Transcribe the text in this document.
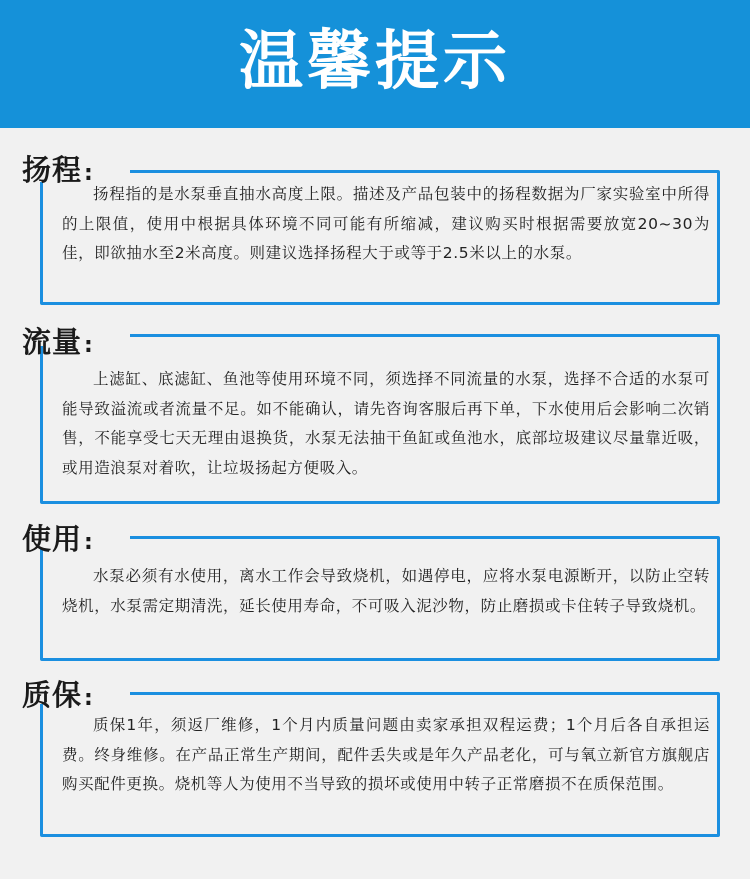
温馨提示
扬程:

扬程指的是水泵垂直抽水高度上限。描述及产品包装中的扬程数据为厂家实验室中所得的上限值，使用中根据具体环境不同可能有所缩减，建议购买时根据需要放宽20~30为佳，即欲抽水至2米高度。则建议选择扬程大于或等于2.5米以上的水泵。

流量:

上滤缸、底滤缸、鱼池等使用环境不同，须选择不同流量的水泵，选择不合适的水泵可能导致溢流或者流量不足。如不能确认，请先咨询客服后再下单，下水使用后会影响二次销售，不能享受七天无理由退换货，水泵无法抽干鱼缸或鱼池水，底部垃圾建议尽量靠近吸，或用造浪泵对着吹，让垃圾扬起方便吸入。

使用:

水泵必须有水使用，离水工作会导致烧机，如遇停电，应将水泵电源断开，以防止空转烧机，水泵需定期清洗，延长使用寿命，不可吸入泥沙物，防止磨损或卡住转子导致烧机。

质保:

质保1年，须返厂维修，1个月内质量问题由卖家承担双程运费；1个月后各自承担运费。终身维修。在产品正常生产期间，配件丢失或是年久产品老化，可与氧立新官方旗舰店购买配件更换。烧机等人为使用不当导致的损坏或使用中转子正常磨损不在质保范围。
